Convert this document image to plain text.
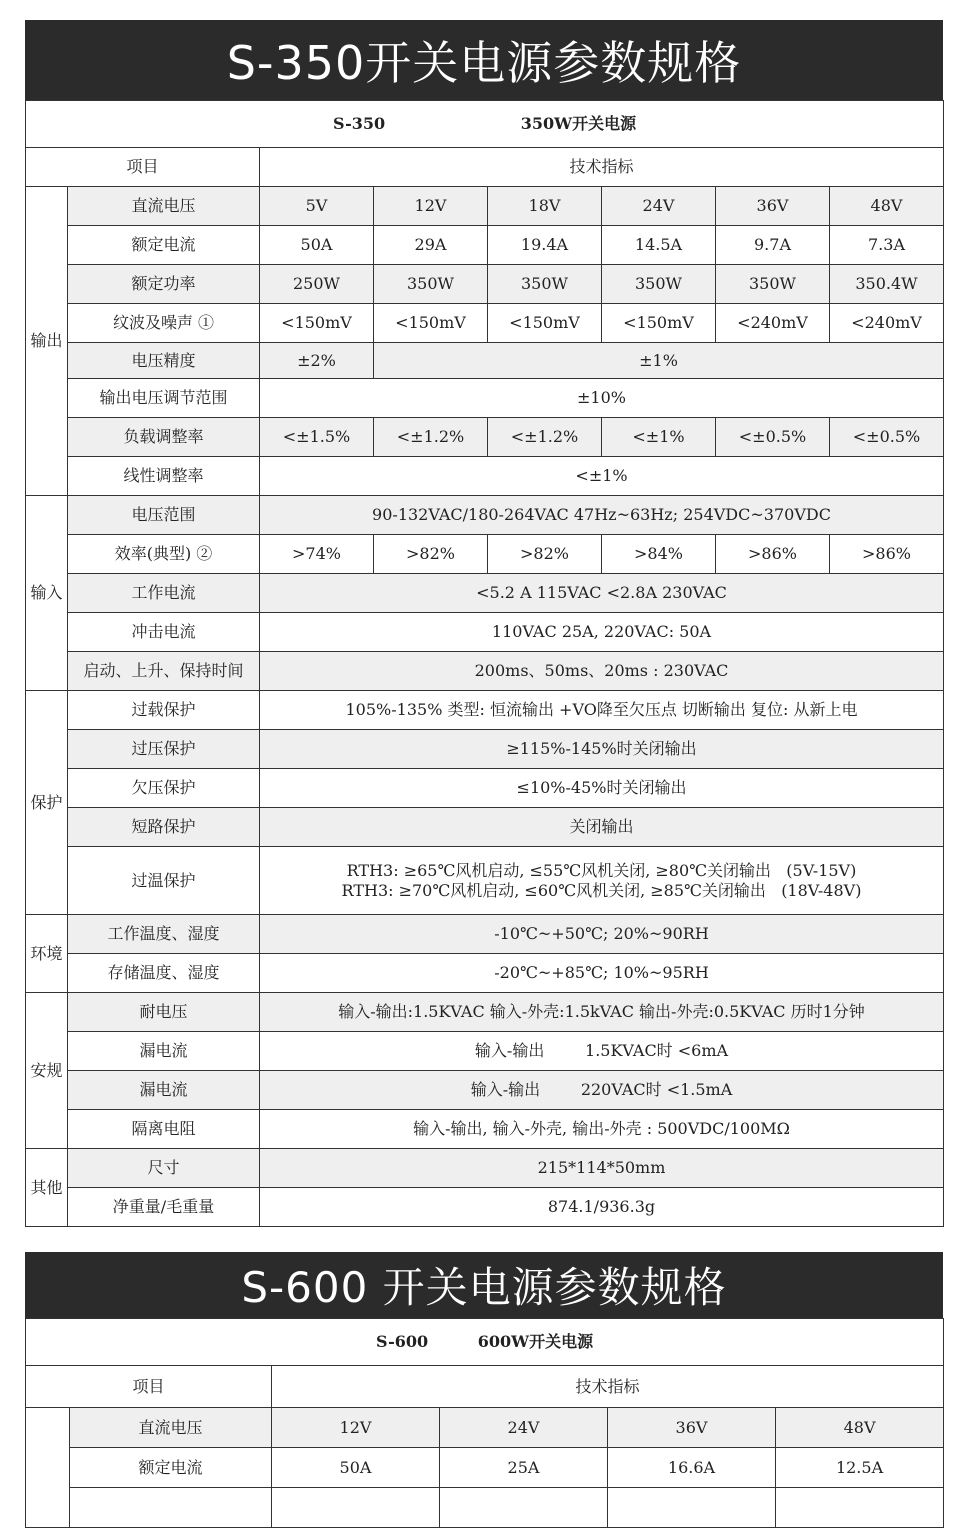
S-350开关电源参数规格
S-350 350W开关电源							
项目		技术指标					
输出	直流电压	5V	12V	18V	24V	36V	48V
	额定电流	50A	29A	19.4A	14.5A	9.7A	7.3A
	额定功率	250W	350W	350W	350W	350W	350.4W
	纹波及噪声 ①	<150mV	<150mV	<150mV	<150mV	<240mV	<240mV
	电压精度	±2%	±1%				
	输出电压调节范围	±10%					
	负载调整率	<±1.5%	<±1.2%	<±1.2%	<±1%	<±0.5%	<±0.5%
	线性调整率	<±1%					
输入	电压范围	90-132VAC/180-264VAC 47Hz~63Hz; 254VDC~370VDC					
	效率(典型) ②	>74%	>82%	>82%	>84%	>86%	>86%
	工作电流	<5.2 A 115VAC <2.8A 230VAC					
	冲击电流	110VAC 25A, 220VAC: 50A					
	启动、上升、保持时间	200ms、50ms、20ms : 230VAC					
保护	过载保护	105%-135% 类型: 恒流输出 +VO降至欠压点 切断输出 复位: 从新上电					
	过压保护	≥115%-145%时关闭输出					
	欠压保护	≤10%-45%时关闭输出					
	短路保护	关闭输出					
	过温保护	RTH3: ≥65℃风机启动, ≤55℃风机关闭, ≥80℃关闭输出   (5V-15V)
RTH3: ≥70℃风机启动, ≤60℃风机关闭, ≥85℃关闭输出   (18V-48V)					
环境	工作温度、湿度	-10℃~+50℃; 20%~90RH					
	存储温度、湿度	-20℃~+85℃; 10%~95RH					
安规	耐电压	输入-输出:1.5KVAC 输入-外壳:1.5kVAC 输出-外壳:0.5KVAC 历时1分钟					
	漏电流	输入-输出        1.5KVAC时 <6mA					
	漏电流	输入-输出        220VAC时 <1.5mA					
	隔离电阻	输入-输出, 输入-外壳, 输出-外壳 : 500VDC/100MΩ					
其他	尺寸	215*114*50mm					
	净重量/毛重量	874.1/936.3g					
S-600 开关电源参数规格
S-600 600W开关电源					
项目		技术指标			
	直流电压	12V	24V	36V	48V
	额定电流	50A	25A	16.6A	12.5A
